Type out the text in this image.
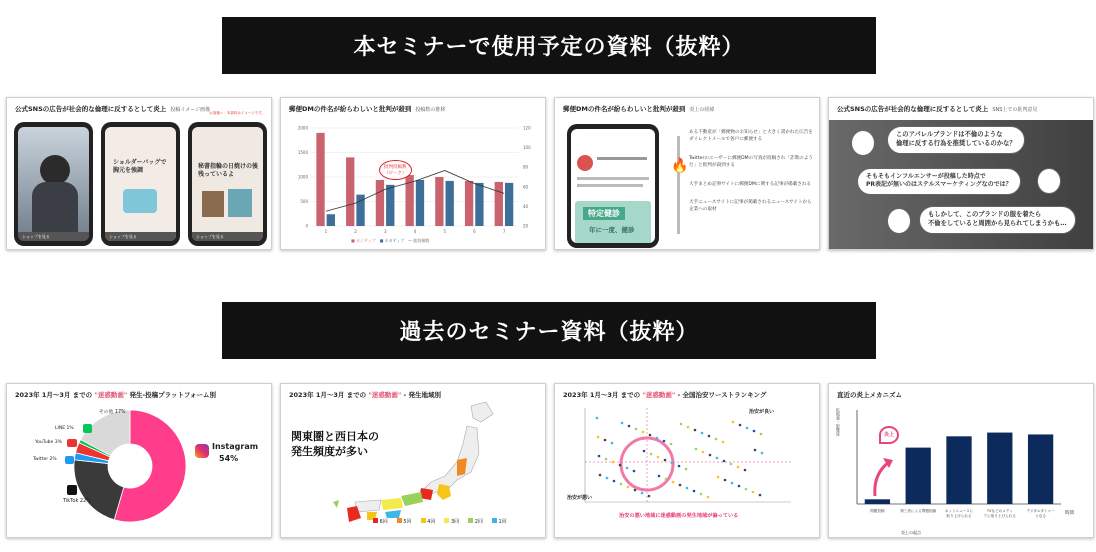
本セミナーで使用予定の資料（抜粋）
過去のセミナー資料（抜粋）
公式SNSの広告が社会的な倫理に反するとして炎上 投稿イメージ画像 お客様へ：本資料はイメージです。
ショップを見る
ショルダーバッグで
胸元を強調
ショップを見る
秘書指輪の日焼けの後
残っているよ
ショップを見る
郵便DMの件名が紛らわしいと批判が殺到 投稿数の推移
2000
1500
1000
500
0
120
100
80
60
40
20
1	2	3	4	5	6	7
批判投稿数
（ピーク）
■ ポジティブ ■ ネガティブ ― 総投稿数
郵便DMの件名が紛らわしいと批判が殺到 炎上の経緯
特定健診
年に一度、健診
🔥
ある不動産が「郵便物のお知らせ」と大きく書かれた広告をダイレクトメールで各戸に郵便する
Twitterのユーザーに郵便DMの写真が投稿され「詐欺のようだ」と批判が殺到する
大手まとめ記事サイトに郵便DMに関する記事が掲載される
大手ニュースサイトに記事が掲載されるニュースサイトから企業への取材
公式SNSの広告が社会的な倫理に反するとして炎上 SNS上での批判意見
このアパレルブランドは不倫のような
倫理に反する行為を推奨しているのかな？
そもそもインフルエンサーが投稿した時点で
PR表記が無いのはステルスマーケティングなのでは？
もしかして、このブランドの服を着たら
不倫をしていると周囲から見られてしまうかも…
2023年 1月～3月 までの "迷惑動画" 発生-投稿プラットフォーム別
Instagram
54%
TikTok 22%
Twitter 2%
YouTube 3%
LINE 1%
その他 17%
2023年 1月～3月 までの "迷惑動画" - 発生地域別
関東圏と西日本の
発生頻度が多い
6回	5回	4回	3回	2回	1回
2023年 1月～3月 までの "迷惑動画" - 全国治安ワーストランキング
治安が良い
治安が悪い
治安の悪い地域に迷惑動画の発生地域が偏っている
直近の炎上メカニズム
問題投稿	第三者による問題指摘 ネットニュースに
取り上げられる
TVなどのメディ
アに取り上げられる
デジタルタトゥー
となる
拡散量・影響度	炎上
時間
炎上の起点
